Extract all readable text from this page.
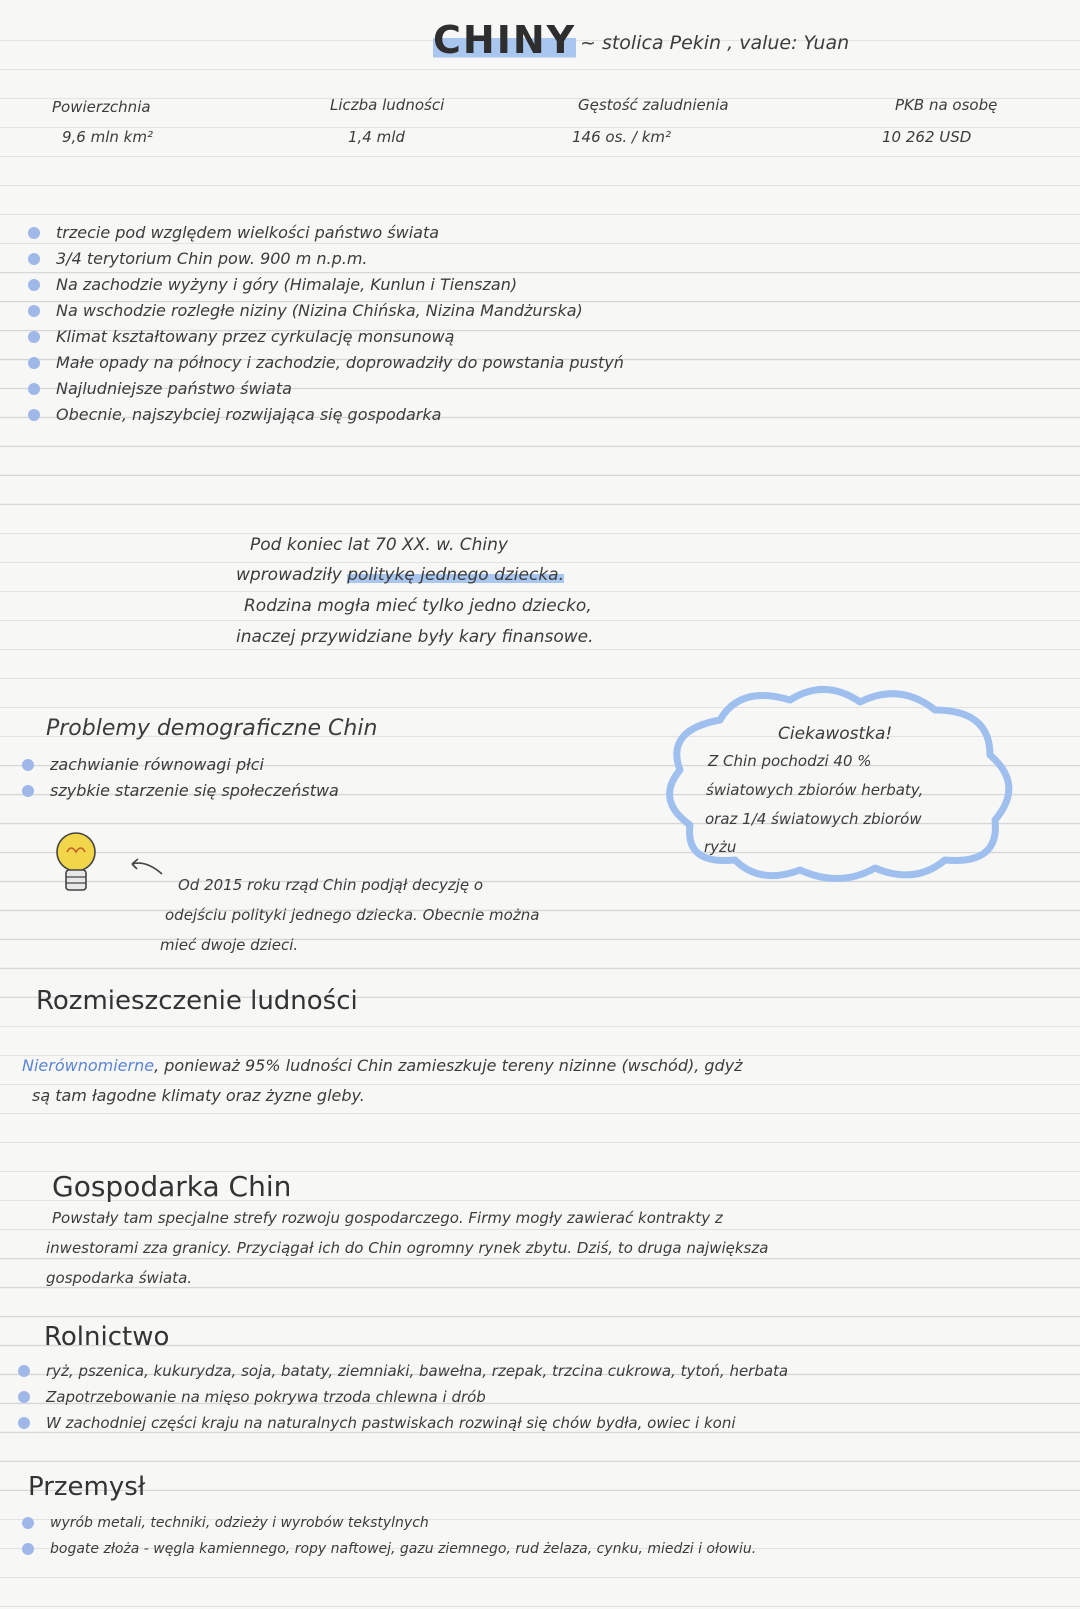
CHINY ~ stolica Pekin , value: Yuan
Powierzchnia
9,6 mln km²
Liczba ludności
1,4 mld
Gęstość zaludnienia
146 os. / km²
PKB na osobę
10 262 USD
trzecie pod względem wielkości państwo świata
3/4 terytorium Chin pow. 900 m n.p.m.
Na zachodzie wyżyny i góry (Himalaje, Kunlun i Tienszan)
Na wschodzie rozległe niziny (Nizina Chińska, Nizina Mandżurska)
Klimat kształtowany przez cyrkulację monsunową
Małe opady na północy i zachodzie, doprowadziły do powstania pustyń
Najludniejsze państwo świata
Obecnie, najszybciej rozwijająca się gospodarka
Pod koniec lat 70 XX. w. Chiny
wprowadziły politykę jednego dziecka.
Rodzina mogła mieć tylko jedno dziecko,
inaczej przywidziane były kary finansowe.
Problemy demograficzne Chin
zachwianie równowagi płci
szybkie starzenie się społeczeństwa
Od 2015 roku rząd Chin podjął decyzję o
odejściu polityki jednego dziecka. Obecnie można
mieć dwoje dzieci.
Ciekawostka!
Z Chin pochodzi 40 %
światowych zbiorów herbaty,
oraz 1/4 światowych zbiorów
ryżu
Rozmieszczenie ludności
Nierównomierne, ponieważ 95% ludności Chin zamieszkuje tereny nizinne (wschód), gdyż
są tam łagodne klimaty oraz żyzne gleby.
Gospodarka Chin
Powstały tam specjalne strefy rozwoju gospodarczego. Firmy mogły zawierać kontrakty z
inwestorami zza granicy. Przyciągał ich do Chin ogromny rynek zbytu. Dziś, to druga największa
gospodarka świata.
Rolnictwo
ryż, pszenica, kukurydza, soja, bataty, ziemniaki, bawełna, rzepak, trzcina cukrowa, tytoń, herbata
Zapotrzebowanie na mięso pokrywa trzoda chlewna i drób
W zachodniej części kraju na naturalnych pastwiskach rozwinął się chów bydła, owiec i koni
Przemysł
wyrób metali, techniki, odzieży i wyrobów tekstylnych
bogate złoża - węgla kamiennego, ropy naftowej, gazu ziemnego, rud żelaza, cynku, miedzi i ołowiu.
